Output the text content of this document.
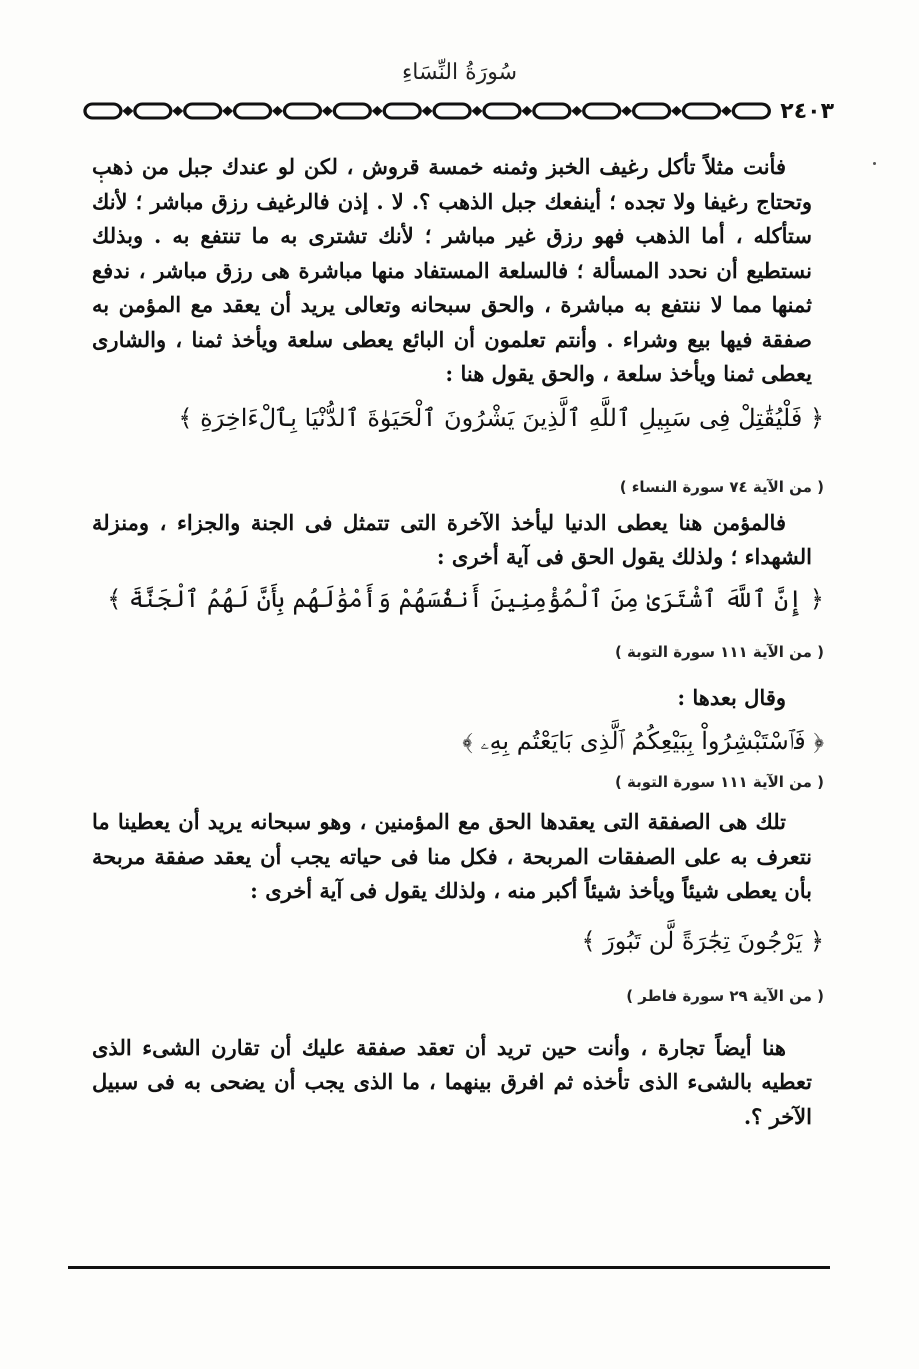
سُورَةُ النِّسَاءِ
٢٤٠٣

فأنت مثلاً تأكل رغيف الخبز وثمنه خمسة قروش ، لكن لو عندك جبل من ذهب وتحتاج رغيفا ولا تجده ؛ أينفعك جبل الذهب ؟. لا . إذن فالرغيف رزق مباشر ؛ لأنك ستأكله ، أما الذهب فهو رزق غير مباشر ؛ لأنك تشترى به ما تنتفع به . وبذلك نستطيع أن نحدد المسألة ؛ فالسلعة المستفاد منها مباشرة هى رزق مباشر ، ندفع ثمنها مما لا ننتفع به مباشرة ، والحق سبحانه وتعالى يريد أن يعقد مع المؤمن به صفقة فيها بيع وشراء . وأنتم تعلمون أن البائع يعطى سلعة ويأخذ ثمنا ، والشارى يعطى ثمنا ويأخذ سلعة ، والحق يقول هنا :

﴿ فَلْيُقَٰتِلْ فِى سَبِيلِ ٱللَّهِ ٱلَّذِينَ يَشْرُونَ ٱلْحَيَوٰةَ ٱلدُّنْيَا بِٱلْءَاخِرَةِ ﴾

( من الآية ٧٤ سورة النساء )

فالمؤمن هنا يعطى الدنيا ليأخذ الآخرة التى تتمثل فى الجنة والجزاء ، ومنزلة الشهداء ؛ ولذلك يقول الحق فى آية أخرى :

﴿ إِنَّ ٱللَّهَ ٱشْتَرَىٰ مِنَ ٱلْمُؤْمِنِينَ أَنفُسَهُمْ وَأَمْوَٰلَهُم بِأَنَّ لَهُمُ ٱلْجَنَّةَ ﴾

( من الآية ١١١ سورة التوبة )

وقال بعدها :

﴿ فَٱسْتَبْشِرُواْ بِبَيْعِكُمُ ٱلَّذِى بَايَعْتُم بِهِۦ ﴾

( من الآية ١١١ سورة التوبة )

تلك هى الصفقة التى يعقدها الحق مع المؤمنين ، وهو سبحانه يريد أن يعطينا ما نتعرف به على الصفقات المربحة ، فكل منا فى حياته يجب أن يعقد صفقة مربحة بأن يعطى شيئاً ويأخذ شيئاً أكبر منه ، ولذلك يقول فى آية أخرى :

﴿ يَرْجُونَ تِجَٰرَةً لَّن تَبُورَ ﴾

( من الآية ٢٩ سورة فاطر )

هنا أيضاً تجارة ، وأنت حين تريد أن تعقد صفقة عليك أن تقارن الشىء الذى تعطيه بالشىء الذى تأخذه ثم افرق بينهما ، ما الذى يجب أن يضحى به فى سبيل الآخر ؟.
